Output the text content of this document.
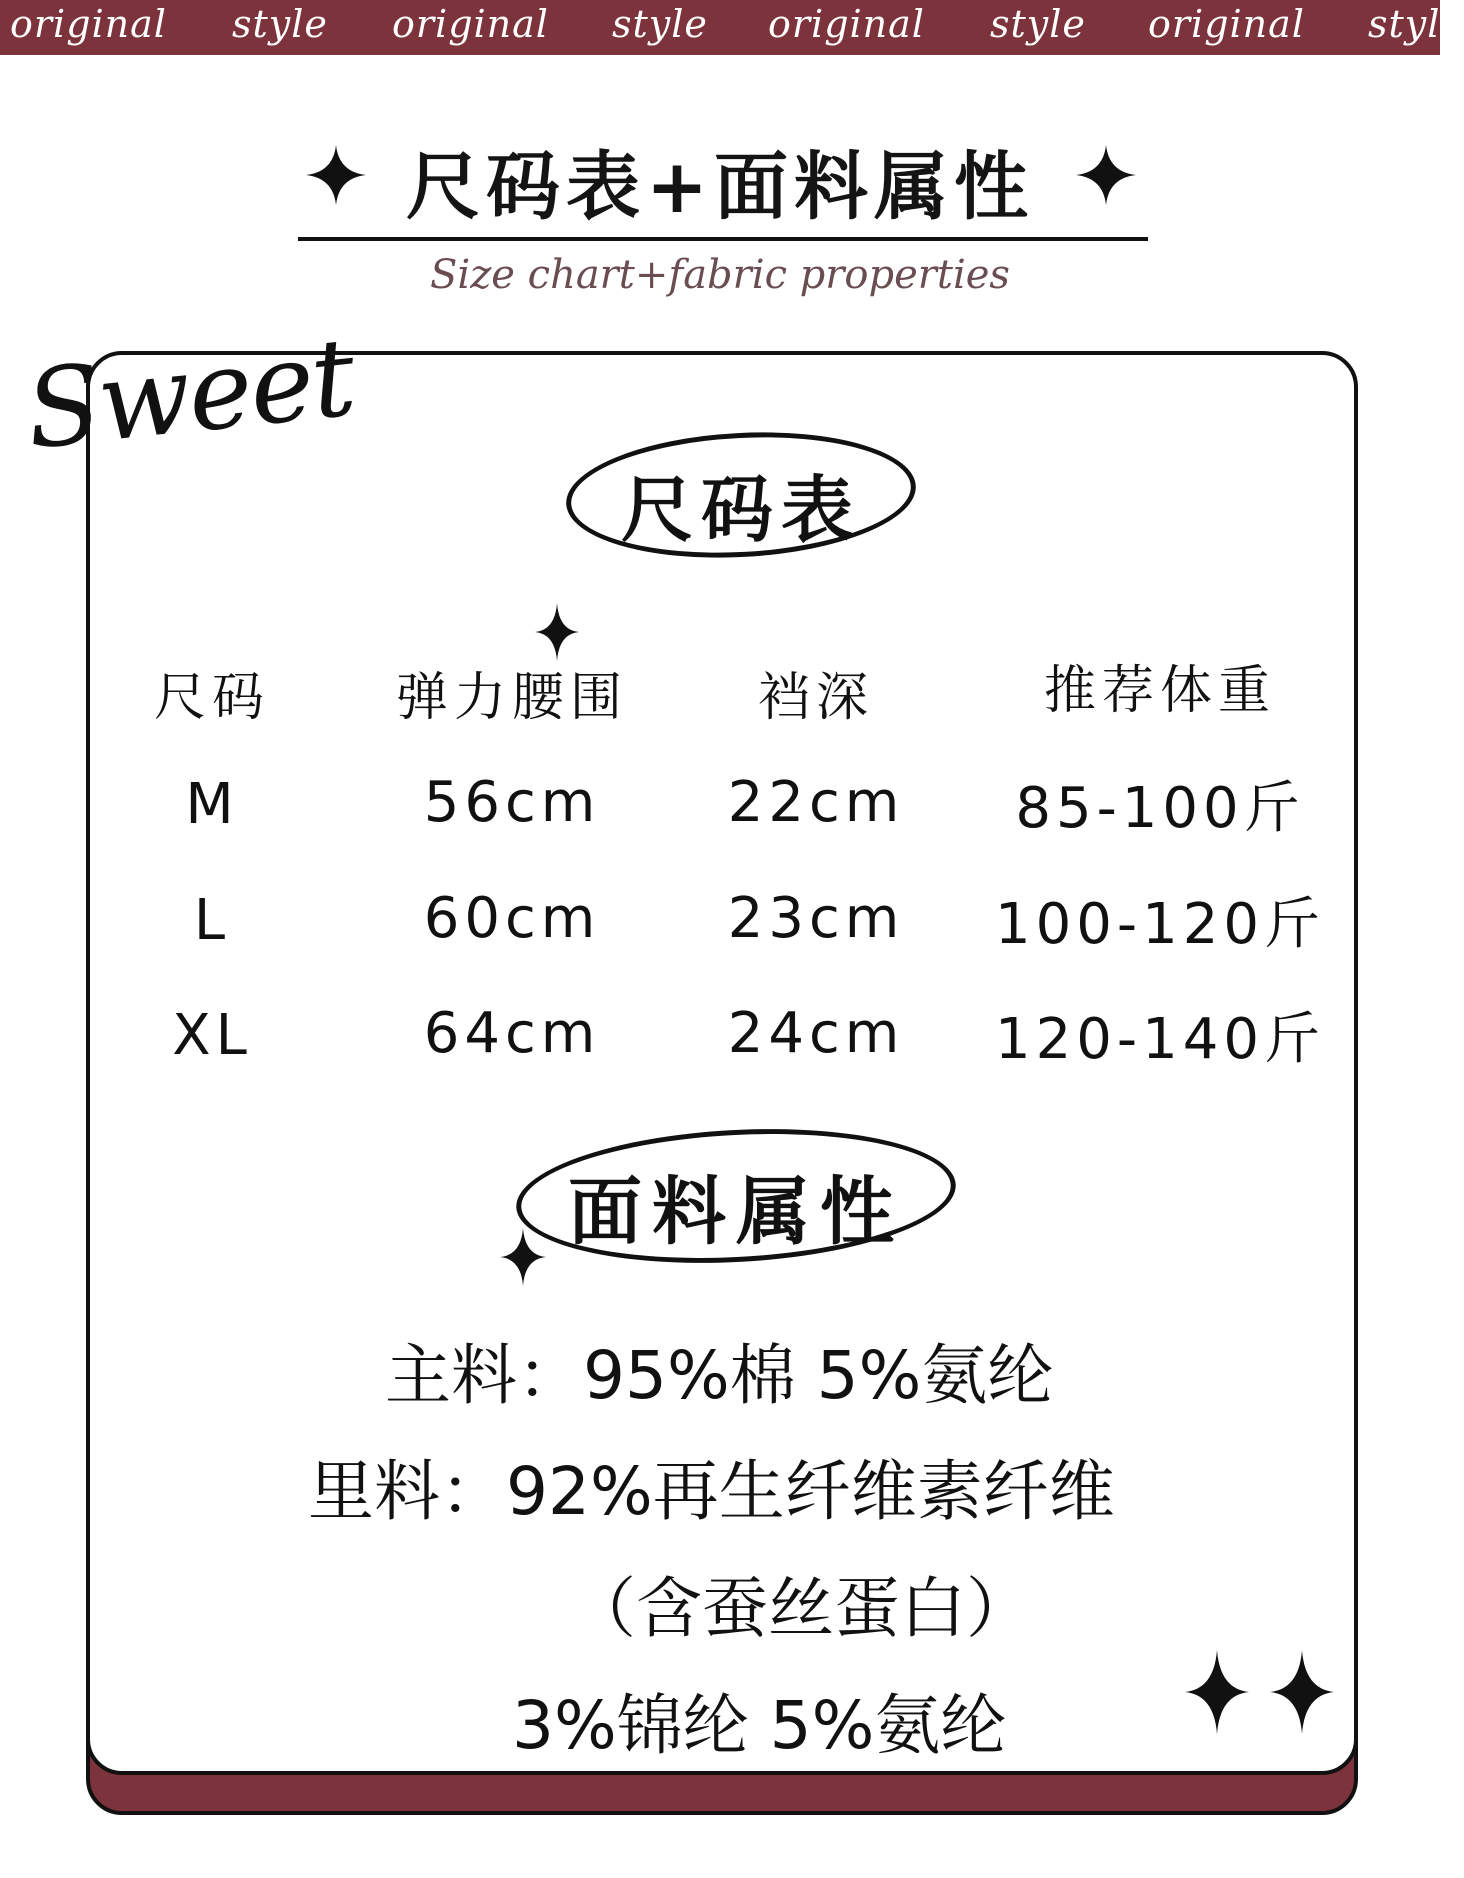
original style original style original style original style
尺码表+面料属性
Size chart+fabric properties
Sweet
尺码表
尺码	弹力腰围	裆深	推荐体重
M	56cm	22cm	85-100斤
L	60cm	23cm	100-120斤
XL	64cm	24cm	120-140斤
面料属性
主料：95%棉 5%氨纶
里料：92%再生纤维素纤维
（含蚕丝蛋白）
3%锦纶 5%氨纶
